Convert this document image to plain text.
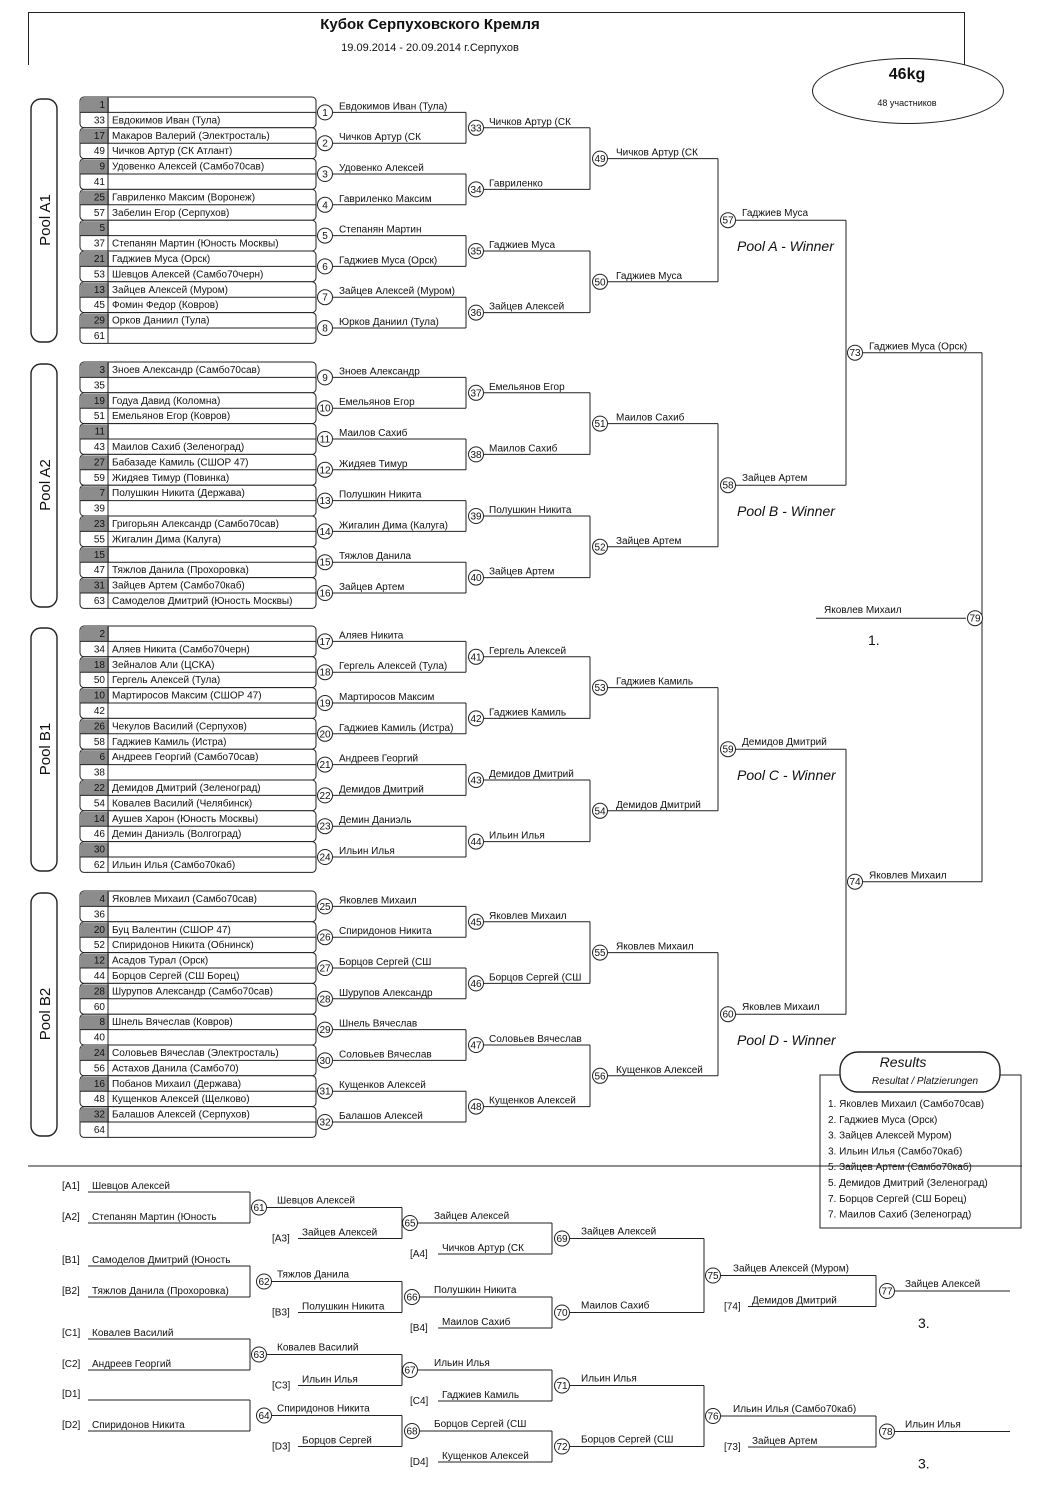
Кубок Серпуховского Кремля
19.09.2014 - 20.09.2014 г.Серпухов
46kg
48 участников
Pool A1
1
33 Евдокимов Иван (Тула)
1
Евдокимов Иван (Тула)
17 Макаров Валерий (Электросталь)
49 Чичков Артур (СК Атлант)
2
Чичков Артур (СК
9 Удовенко Алексей (Самбо70сав)
41
3
Удовенко Алексей
25 Гавриленко Максим (Воронеж)
57 Забелин Егор (Серпухов)
4
Гавриленко Максим
5
37 Степанян Мартин (Юность Москвы)
5
Степанян Мартин
21 Гаджиев Муса (Орск)
53 Шевцов Алексей (Самбо70черн)
6
Гаджиев Муса (Орск)
13 Зайцев Алексей (Муром)
45 Фомин Федор (Ковров)
7
Зайцев Алексей (Муром)
29 Орков Даниил (Тула)
61
8
Юрков Даниил (Тула)
33
Чичков Артур (СК
34
Гавриленко
35
Гаджиев Муса
36
Зайцев Алексей
49
Чичков Артур (СК
50
Гаджиев Муса
57
Гаджиев Муса
Pool A - Winner
Pool A2
3 Зноев Александр (Самбо70сав)
35
9
Зноев Александр
19 Годуа Давид (Коломна)
51 Емельянов Егор (Ковров)
10
Емельянов Егор
11
43 Маилов Сахиб (Зеленоград)
11
Маилов Сахиб
27 Бабазаде Камиль (СШОР 47)
59 Жидяев Тимур (Повинка)
12
Жидяев Тимур
7 Полушкин Никита (Держава)
39
13
Полушкин Никита
23 Григорьян Александр (Самбо70сав)
55 Жигалин Дима (Калуга)
14
Жигалин Дима (Калуга)
15
47 Тяжлов Данила (Прохоровка)
15
Тяжлов Данила
31 Зайцев Артем (Самбо70каб)
63 Самоделов Дмитрий (Юность Москвы)
16
Зайцев Артем
37
Емельянов Егор
38
Маилов Сахиб
39
Полушкин Никита
40
Зайцев Артем
51
Маилов Сахиб
52
Зайцев Артем
58
Зайцев Артем
Pool B - Winner
Pool B1
2
34 Аляев Никита (Самбо70черн)
17
Аляев Никита
18 Зейналов Али (ЦСКА)
50 Гергель Алексей (Тула)
18
Гергель Алексей (Тула)
10 Мартиросов Максим (СШОР 47)
42
19
Мартиросов Максим
26 Чекулов Василий (Серпухов)
58 Гаджиев Камиль (Истра)
20
Гаджиев Камиль (Истра)
6 Андреев Георгий (Самбо70сав)
38
21
Андреев Георгий
22 Демидов Дмитрий (Зеленоград)
54 Ковалев Василий (Челябинск)
22
Демидов Дмитрий
14 Аушев Харон (Юность Москвы)
46 Демин Даниэль (Волгоград)
23
Демин Даниэль
30
62 Ильин Илья (Самбо70каб)
24
Ильин Илья
41
Гергель Алексей
42
Гаджиев Камиль
43
Демидов Дмитрий
44
Ильин Илья
53
Гаджиев Камиль
54
Демидов Дмитрий
59
Демидов Дмитрий
Pool C - Winner
Pool B2
4 Яковлев Михаил (Самбо70сав)
36
25
Яковлев Михаил
20 Буц Валентин (СШОР 47)
52 Спиридонов Никита (Обнинск)
26
Спиридонов Никита
12 Асадов Турал (Орск)
44 Борцов Сергей (СШ Борец)
27
Борцов Сергей (СШ
28 Шурупов Александр (Самбо70сав)
60
28
Шурупов Александр
8 Шнель Вячеслав (Ковров)
40
29
Шнель Вячеслав
24 Соловьев Вячеслав (Электросталь)
56 Астахов Данила (Самбо70)
30
Соловьев Вячеслав
16 Побанов Михаил (Держава)
48 Кущенков Алексей (Щелково)
31
Кущенков Алексей
32 Балашов Алексей (Серпухов)
64
32
Балашов Алексей
45
Яковлев Михаил
46
Борцов Сергей (СШ
47
Соловьев Вячеслав
48
Кущенков Алексей
55
Яковлев Михаил
56
Кущенков Алексей
60
Яковлев Михаил
Pool D - Winner
73
Гаджиев Муса (Орск)
74
Яковлев Михаил
79
Яковлев Михаил
1.
Results
Resultat / Platzierungen
1. Яковлев Михаил (Самбо70сав)
2. Гаджиев Муса (Орск)
3. Зайцев Алексей Муром)
3. Ильин Илья (Самбо70каб)
5. Зайцев Артем (Самбо70каб)
5. Демидов Дмитрий (Зеленоград)
7. Борцов Сергей (СШ Борец)
7. Маилов Сахиб (Зеленоград)
[A1] Шевцов Алексей
[A2] Степанян Мартин (Юность
61
Шевцов Алексей
[A3]
Зайцев Алексей
65
Зайцев Алексей
[A4]
Чичков Артур (СК
69
Зайцев Алексей
[B1] Самоделов Дмитрий (Юность
[B2] Тяжлов Данила (Прохоровка)
62
Тяжлов Данила
[B3]
Полушкин Никита
66
Полушкин Никита
[B4]
Маилов Сахиб
70
Маилов Сахиб
75
Зайцев Алексей (Муром)
[74]
Демидов Дмитрий
77
Зайцев Алексей
3.
[C1] Ковалев Василий
[C2] Андреев Георгий
63
Ковалев Василий
[C3]
Ильин Илья
67
Ильин Илья
[C4]
Гаджиев Камиль
71
Ильин Илья
[D1]
[D2] Спиридонов Никита
64
Спиридонов Никита
[D3]
Борцов Сергей
68
Борцов Сергей (СШ
[D4]
Кущенков Алексей
72
Борцов Сергей (СШ
76
Ильин Илья (Самбо70каб)
[73]
Зайцев Артем
78
Ильин Илья
3.
